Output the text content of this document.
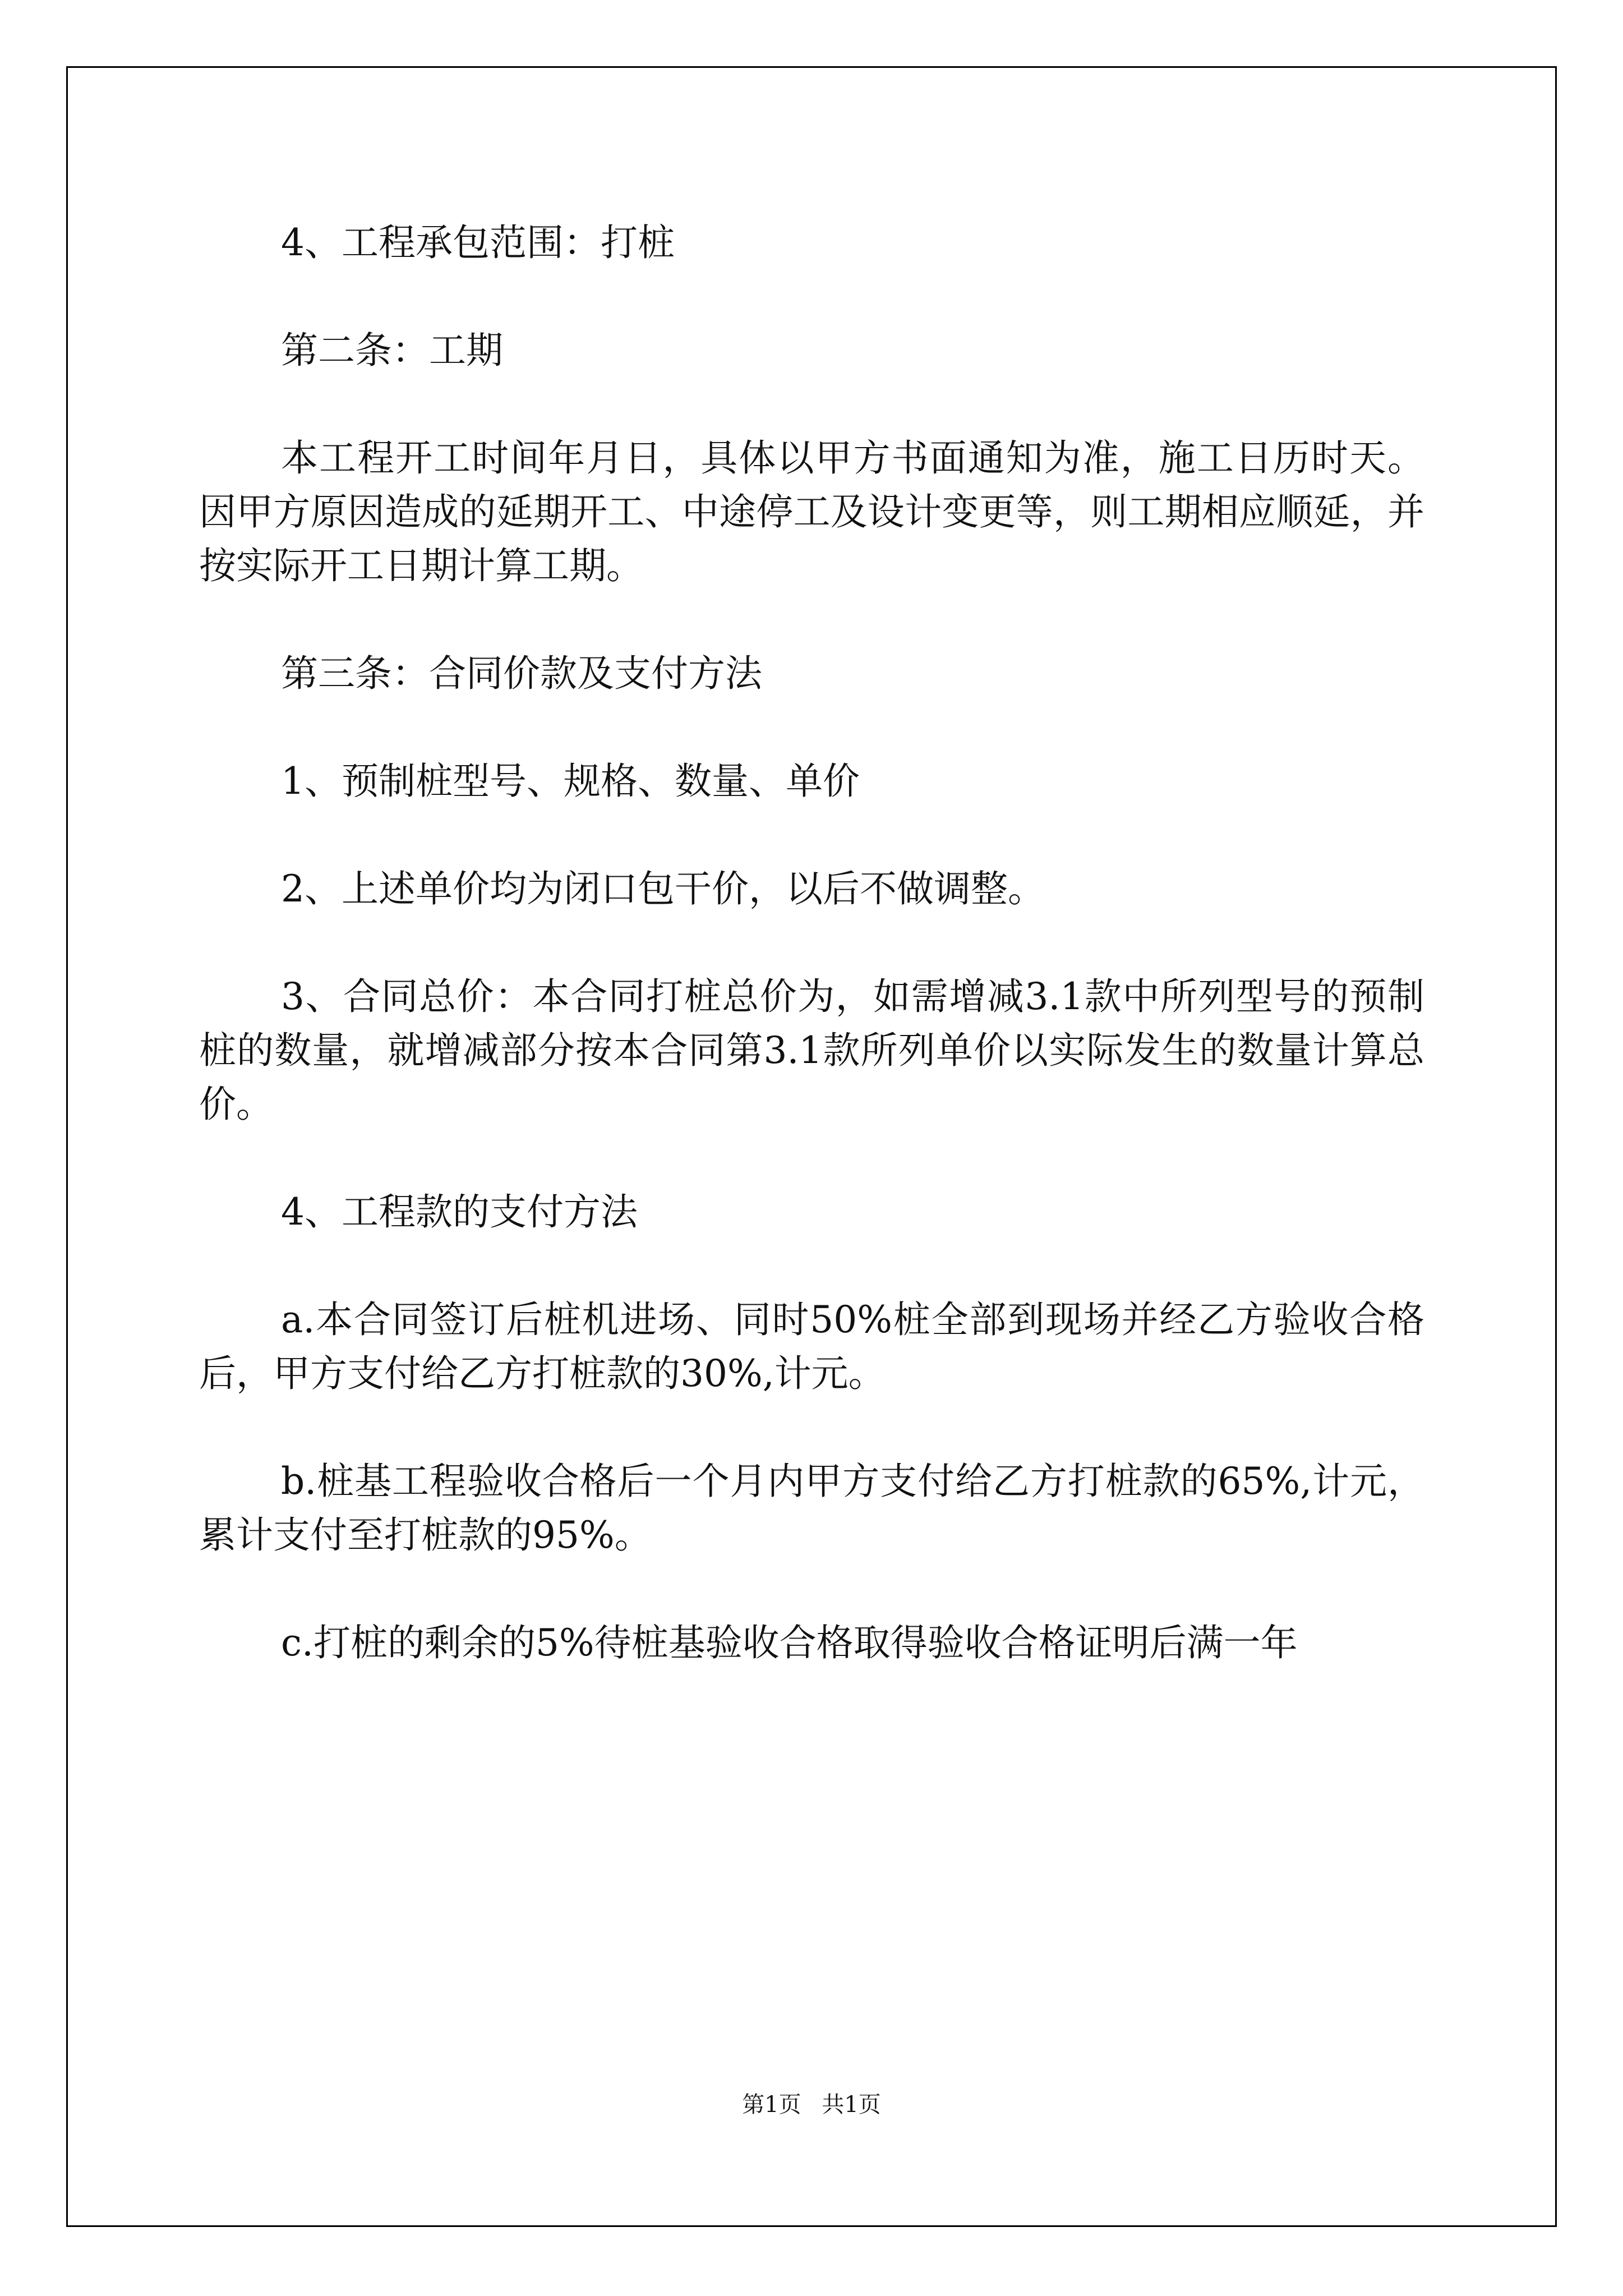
4、工程承包范围：打桩

第二条：工期

本工程开工时间年月日，具体以甲方书面通知为准，施工日历时天。因甲方原因造成的延期开工、中途停工及设计变更等，则工期相应顺延，并按实际开工日期计算工期。

第三条：合同价款及支付方法

1、预制桩型号、规格、数量、单价

2、上述单价均为闭口包干价，以后不做调整。

3、合同总价：本合同打桩总价为，如需增减3.1款中所列型号的预制桩的数量，就增减部分按本合同第3.1款所列单价以实际发生的数量计算总价。

4、工程款的支付方法

a.本合同签订后桩机进场、同时50%桩全部到现场并经乙方验收合格后，甲方支付给乙方打桩款的30%,计元。

b.桩基工程验收合格后一个月内甲方支付给乙方打桩款的65%,计元，累计支付至打桩款的95%。

c.打桩的剩余的5%待桩基验收合格取得验收合格证明后满一年

第1页 共1页
